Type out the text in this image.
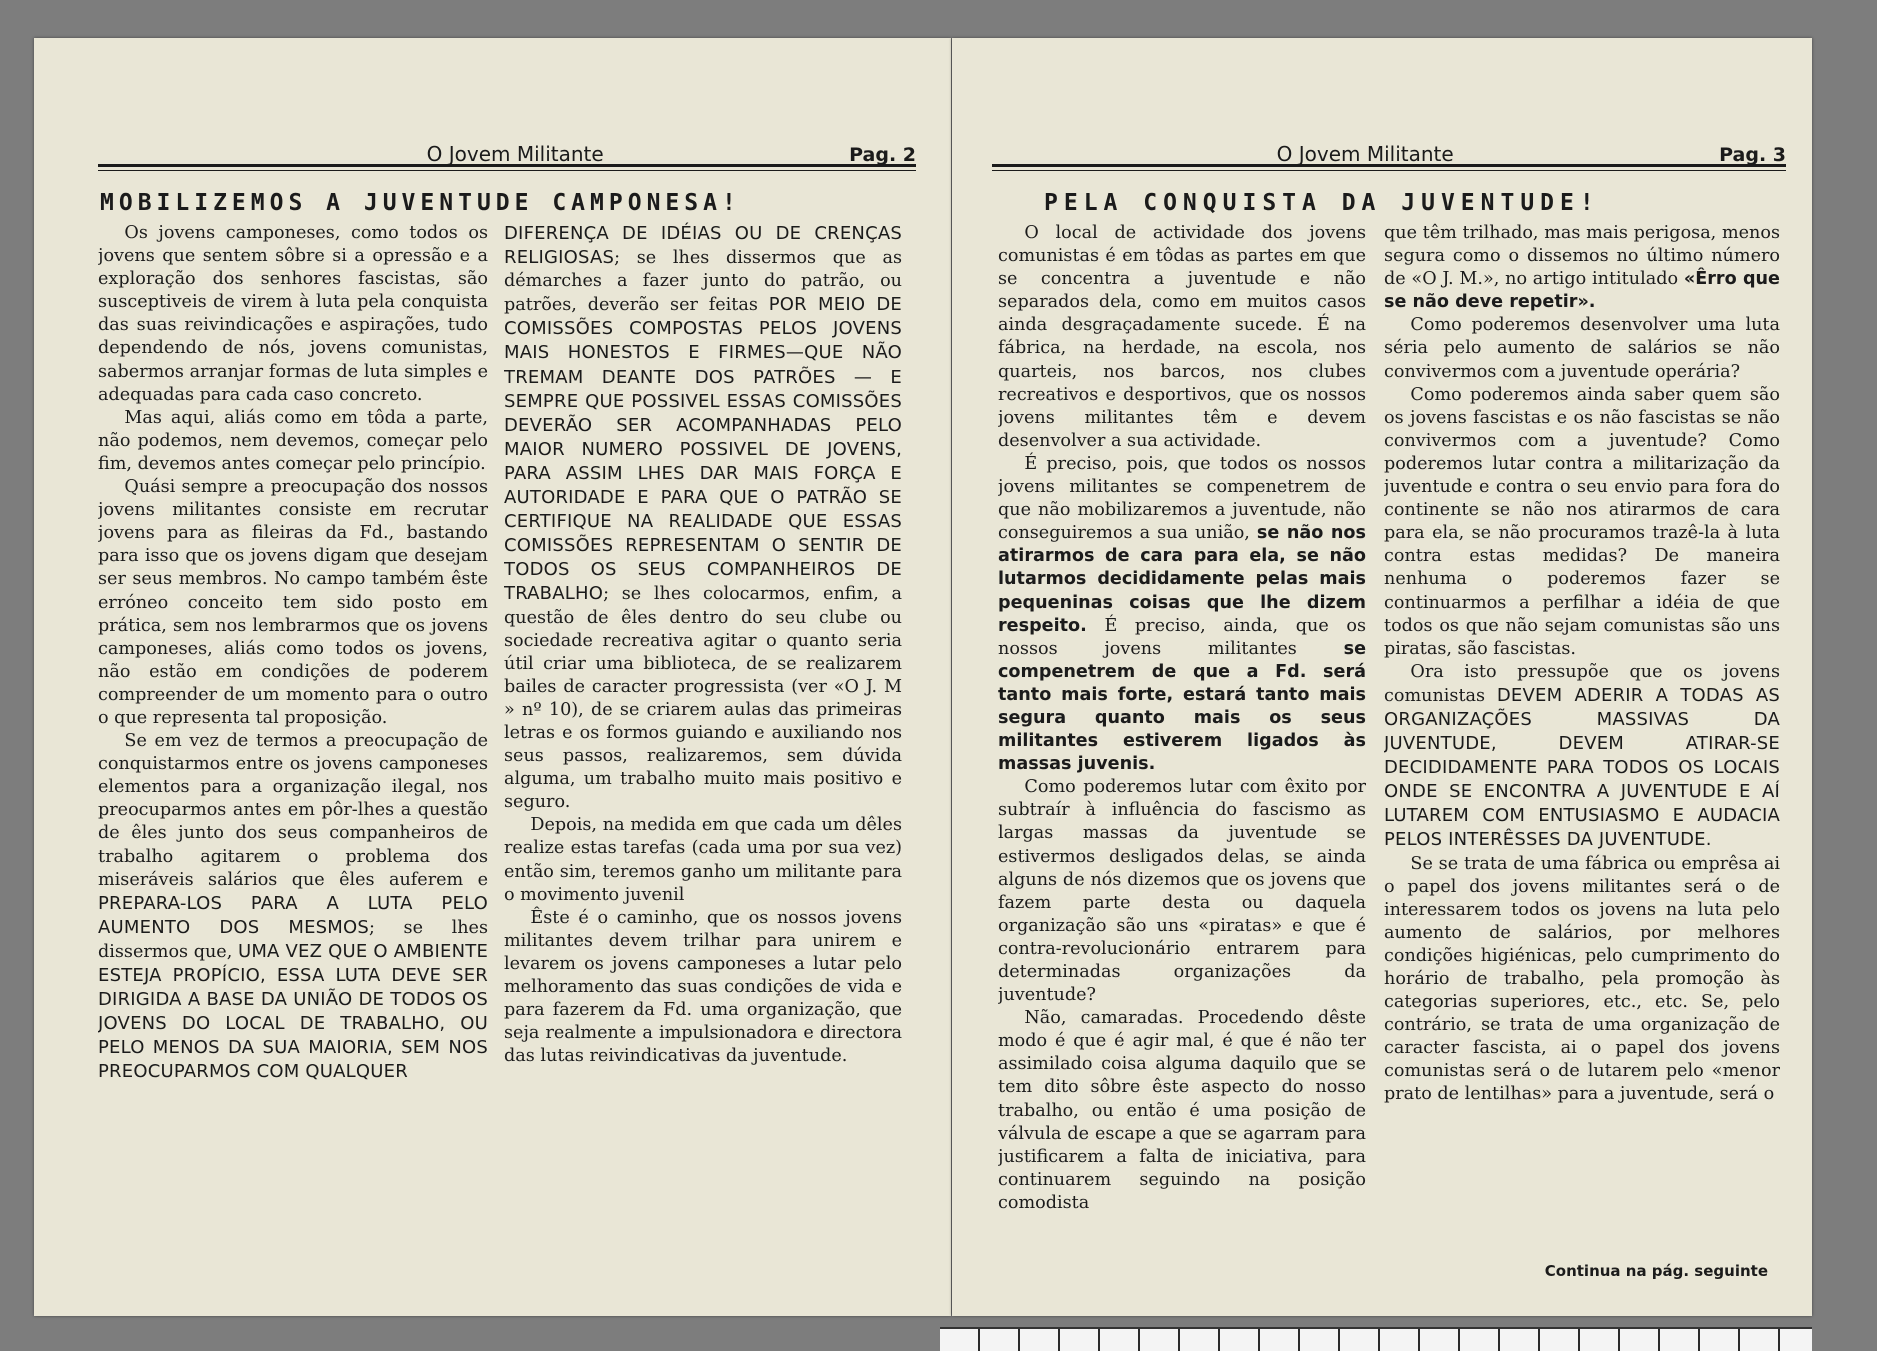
O Jovem Militante	Pag. 2
MOBILIZEMOS A JUVENTUDE CAMPONESA!

Os jovens camponeses, como todos os jovens que sentem sôbre si a opressão e a exploração dos senhores fascistas, são susceptiveis de virem à luta pela conquista das suas reivindicações e aspirações, tudo dependendo de nós, jovens comunistas, sabermos arranjar formas de luta simples e adequadas para cada caso concreto.

Mas aqui, aliás como em tôda a parte, não podemos, nem devemos, começar pelo fim, devemos antes começar pelo princípio.

Quási sempre a preocupação dos nossos jovens militantes consiste em recrutar jovens para as fileiras da Fd., bastando para isso que os jovens digam que desejam ser seus membros. No campo também êste erróneo conceito tem sido posto em prática, sem nos lembrarmos que os jovens camponeses, aliás como todos os jovens, não estão em condições de poderem compreender de um momento para o outro o que representa tal proposição.

Se em vez de termos a preocupação de conquistarmos entre os jovens camponeses elementos para a organização ilegal, nos preocuparmos antes em pôr-lhes a questão de êles junto dos seus companheiros de trabalho agitarem o problema dos miseráveis salários que êles auferem e PREPARA-LOS PARA A LUTA PELO AUMENTO DOS MESMOS; se lhes dissermos que, UMA VEZ QUE O AMBIENTE ESTEJA PROPÍCIO, ESSA LUTA DEVE SER DIRIGIDA A BASE DA UNIÃO DE TODOS OS JOVENS DO LOCAL DE TRABALHO, OU PELO MENOS DA SUA MAIORIA, SEM NOS PREOCUPARMOS COM QUALQUER

DIFERENÇA DE IDÉIAS OU DE CRENÇAS RELIGIOSAS; se lhes dissermos que as démarches a fazer junto do patrão, ou patrões, deverão ser feitas POR MEIO DE COMISSÕES COMPOSTAS PELOS JOVENS MAIS HONESTOS E FIRMES—QUE NÃO TREMAM DEANTE DOS PATRÕES — E SEMPRE QUE POSSIVEL ESSAS COMISSÕES DEVERÃO SER ACOMPANHADAS PELO MAIOR NUMERO POSSIVEL DE JOVENS, PARA ASSIM LHES DAR MAIS FORÇA E AUTORIDADE E PARA QUE O PATRÃO SE CERTIFIQUE NA REALIDADE QUE ESSAS COMISSÕES REPRESENTAM O SENTIR DE TODOS OS SEUS COMPANHEIROS DE TRABALHO; se lhes colocarmos, enfim, a questão de êles dentro do seu clube ou sociedade recreativa agitar o quanto seria útil criar uma biblioteca, de se realizarem bailes de caracter progressista (ver «O J. M » nº 10), de se criarem aulas das primeiras letras e os formos guiando e auxiliando nos seus passos, realizaremos, sem dúvida alguma, um trabalho muito mais positivo e seguro.

Depois, na medida em que cada um dêles realize estas tarefas (cada uma por sua vez) então sim, teremos ganho um militante para o movimento juvenil

Êste é o caminho, que os nossos jovens militantes devem trilhar para unirem e levarem os jovens camponeses a lutar pelo melhoramento das suas condições de vida e para fazerem da Fd. uma organização, que seja realmente a impulsionadora e directora das lutas reivindicativas da juventude.

O Jovem Militante	Pag. 3
PELA CONQUISTA DA JUVENTUDE!

O local de actividade dos jovens comunistas é em tôdas as partes em que se concentra a juventude e não separados dela, como em muitos casos ainda desgraçadamente sucede. É na fábrica, na herdade, na escola, nos quarteis, nos barcos, nos clubes recreativos e desportivos, que os nossos jovens militantes têm e devem desenvolver a sua actividade.

É preciso, pois, que todos os nossos jovens militantes se compenetrem de que não mobilizaremos a juventude, não conseguiremos a sua união, se não nos atirarmos de cara para ela, se não lutarmos decididamente pelas mais pequeninas coisas que lhe dizem respeito. É preciso, ainda, que os nossos jovens militantes	se compenetrem de que a Fd. será tanto mais forte, estará tanto mais segura quanto mais os seus militantes estiverem ligados às massas juvenis.

Como poderemos lutar com êxito por subtraír à influência do fascismo as largas massas da juventude se estivermos desligados delas, se ainda alguns de nós dizemos que os jovens que fazem parte desta ou daquela organização são uns «piratas» e que é contra-revolucionário entrarem para determinadas organizações da juventude?

Não, camaradas. Procedendo dêste modo é que é agir mal, é que é não ter assimilado coisa alguma daquilo que se tem dito sôbre êste aspecto do nosso trabalho, ou então é uma posição de válvula de escape a que se agarram para justificarem a falta de iniciativa, para continuarem seguindo na posição comodista

que têm trilhado, mas mais perigosa, menos segura como o dissemos no último número de «O J. M.», no artigo intitulado «Êrro que se não deve repetir».

Como poderemos desenvolver uma luta séria pelo aumento de salários se não convivermos com a juventude operária?

Como poderemos ainda saber quem são os jovens fascistas e os não fascistas se não convivermos com a juventude? Como poderemos lutar contra a militarização da juventude e contra o seu envio para fora do continente se não nos atirarmos de cara para ela, se não procuramos trazê-la à luta contra estas medidas? De maneira nenhuma o poderemos fazer se continuarmos a perfilhar a idéia de que todos os que não sejam comunistas são uns piratas, são fascistas.

Ora isto pressupõe que os jovens comunistas DEVEM ADERIR A TODAS AS ORGANIZAÇÕES MASSIVAS DA JUVENTUDE, DEVEM ATIRAR-SE DECIDIDAMENTE PARA TODOS OS LOCAIS ONDE SE ENCONTRA A JUVENTUDE E AÍ LUTAREM COM ENTUSIASMO E AUDACIA PELOS INTERÊSSES DA JUVENTUDE.

Se se trata de uma fábrica ou emprêsa ai o papel dos jovens militantes será o de interessarem todos os jovens na luta pelo aumento de salários, por melhores condições higiénicas, pelo cumprimento do horário de trabalho, pela promoção às categorias superiores, etc., etc. Se, pelo contrário, se trata de uma organização de caracter fascista, ai o papel dos jovens comunistas será o de lutarem pelo «menor prato de lentilhas» para a juventude, será o

Continua na pág. seguinte
